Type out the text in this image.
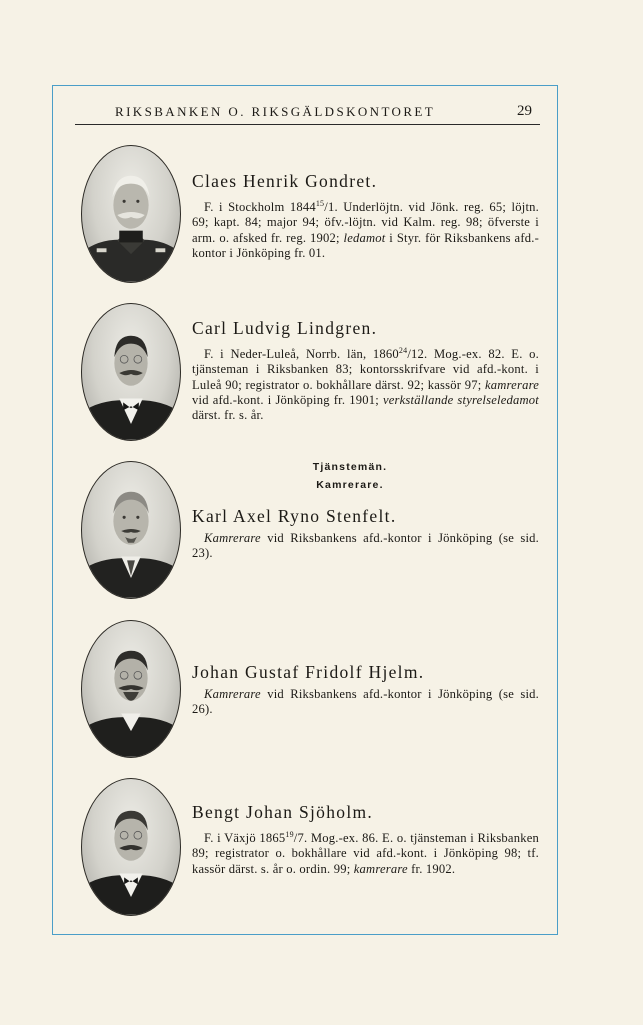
RIKSBANKEN O. RIKSGÄLDSKONTORET	29
Claes Henrik Gondret.
F. i Stockholm 1844$^{15}$/1. Underlöjtn. vid Jönk. reg. 65; löjtn. 69; kapt. 84; major 94; öfv.-löjtn. vid Kalm. reg. 98; öfverste i arm. o. afsked fr. reg. 1902; ledamot i Styr. för Riksbankens afd.-kontor i Jönköping fr. 01.
Carl Ludvig Lindgren.
F. i Neder-Luleå, Norrb. län, 1860$^{24}$/12. Mog.-ex. 82. E. o. tjänsteman i Riksbanken 83; kontorsskrifvare vid afd.-kont. i Luleå 90; registrator o. bokhållare därst. 92; kassör 97; kamrerare vid afd.-kont. i Jönköping fr. 1901; verkställande styrelseledamot därst. fr. s. år.
Tjänstemän.
Kamrerare.
Karl Axel Ryno Stenfelt.
Kamrerare vid Riksbankens afd.-kontor i Jönköping (se sid. 23).
Johan Gustaf Fridolf Hjelm.
Kamrerare vid Riksbankens afd.-kontor i Jönköping (se sid. 26).
Bengt Johan Sjöholm.
F. i Växjö 1865$^{19}$/7. Mog.-ex. 86. E. o. tjänsteman i Riksbanken 89; registrator o. bokhållare vid afd.-kont. i Jönköping 98; tf. kassör därst. s. år o. ordin. 99; kamrerare fr. 1902.
